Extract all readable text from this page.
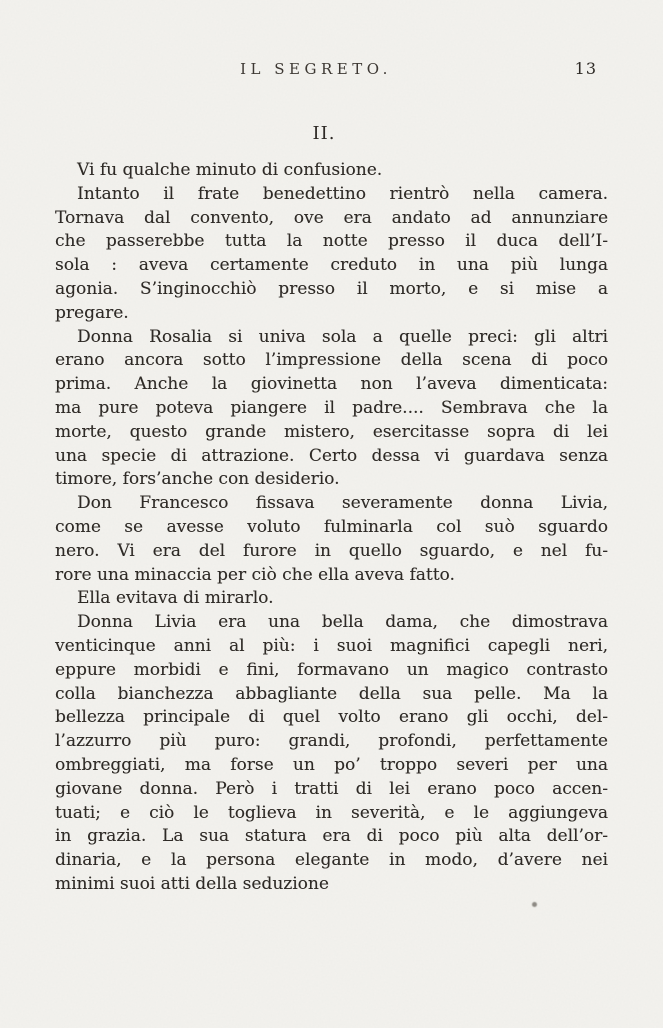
IL SEGRETO.	13
II.
Vi fu qualche minuto di confusione.
Intanto il frate benedettino rientrò nella camera.
Tornava dal convento, ove era andato ad annunziare
che passerebbe tutta la notte presso il duca dell’I-
sola : aveva certamente creduto in una più lunga
agonia. S’inginocchiò presso il morto, e si mise a
pregare.
Donna Rosalia si univa sola a quelle preci: gli altri
erano ancora sotto l’impressione della scena di poco
prima. Anche la giovinetta non l’aveva dimenticata:
ma pure poteva piangere il padre.... Sembrava che la
morte, questo grande mistero, esercitasse sopra di lei
una specie di attrazione. Certo dessa vi guardava senza
timore, fors’anche con desiderio.
Don Francesco fissava severamente donna Livia,
come se avesse voluto fulminarla col suò sguardo
nero. Vi era del furore in quello sguardo, e nel fu-
rore una minaccia per ciò che ella aveva fatto.
Ella evitava di mirarlo.
Donna Livia era una bella dama, che dimostrava
venticinque anni al più: i suoi magnifici capegli neri,
eppure morbidi e fini, formavano un magico contrasto
colla bianchezza abbagliante della sua pelle. Ma la
bellezza principale di quel volto erano gli occhi, del-
l’azzurro più puro: grandi, profondi, perfettamente
ombreggiati, ma forse un po’ troppo severi per una
giovane donna. Però i tratti di lei erano poco accen-
tuati; e ciò le toglieva in severità, e le aggiungeva
in grazia. La sua statura era di poco più alta dell’or-
dinaria, e la persona elegante in modo, d’avere nei
minimi suoi atti della seduzione
